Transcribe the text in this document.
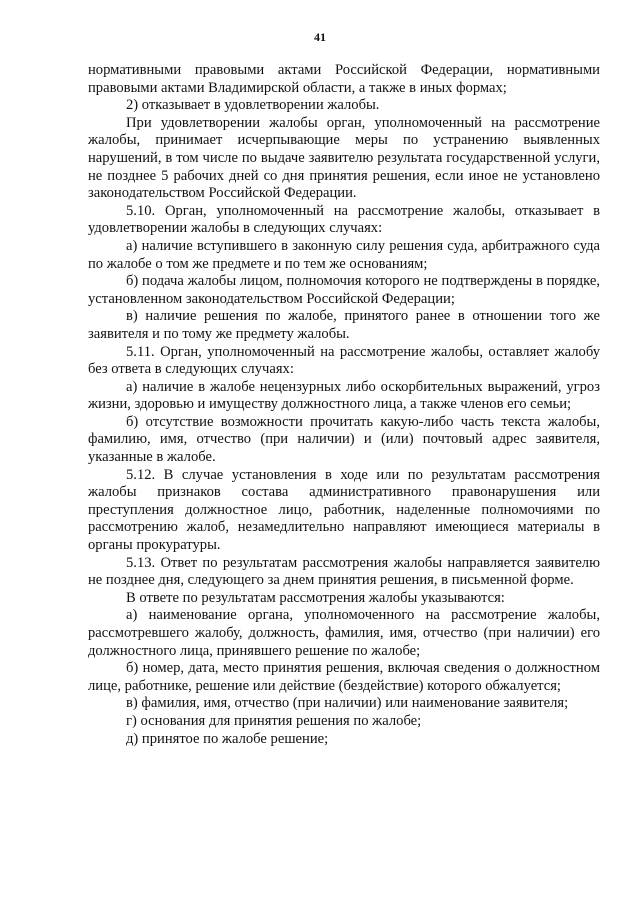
41

нормативными правовыми актами Российской Федерации, нормативными правовыми актами Владимирской области, а также в иных формах;

2) отказывает в удовлетворении жалобы.

При удовлетворении жалобы орган, уполномоченный на рассмотрение жалобы, принимает исчерпывающие меры по устранению выявленных нарушений, в том числе по выдаче заявителю результата государственной услуги, не позднее 5 рабочих дней со дня принятия решения, если иное не установлено законодательством Российской Федерации.

5.10. Орган, уполномоченный на рассмотрение жалобы, отказывает в удовлетворении жалобы в следующих случаях:

а) наличие вступившего в законную силу решения суда, арбитражного суда по жалобе о том же предмете и по тем же основаниям;

б) подача жалобы лицом, полномочия которого не подтверждены в порядке, установленном законодательством Российской Федерации;

в) наличие решения по жалобе, принятого ранее в отношении того же заявителя и по тому же предмету жалобы.

5.11. Орган, уполномоченный на рассмотрение жалобы, оставляет жалобу без ответа в следующих случаях:

а) наличие в жалобе нецензурных либо оскорбительных выражений, угроз жизни, здоровью и имуществу должностного лица, а также членов его семьи;

б) отсутствие возможности прочитать какую-либо часть текста жалобы, фамилию, имя, отчество (при наличии) и (или) почтовый адрес заявителя, указанные в жалобе.

5.12. В случае установления в ходе или по результатам рассмотрения жалобы признаков состава административного правонарушения или преступления должностное лицо, работник, наделенные полномочиями по рассмотрению жалоб, незамедлительно направляют имеющиеся материалы в органы прокуратуры.

5.13. Ответ по результатам рассмотрения жалобы направляется заявителю не позднее дня, следующего за днем принятия решения, в письменной форме.

В ответе по результатам рассмотрения жалобы указываются:

а) наименование органа, уполномоченного на рассмотрение жалобы, рассмотревшего жалобу, должность, фамилия, имя, отчество (при наличии) его должностного лица, принявшего решение по жалобе;

б) номер, дата, место принятия решения, включая сведения о должностном лице, работнике, решение или действие (бездействие) которого обжалуется;

в) фамилия, имя, отчество (при наличии) или наименование заявителя;

г) основания для принятия решения по жалобе;

д) принятое по жалобе решение;
